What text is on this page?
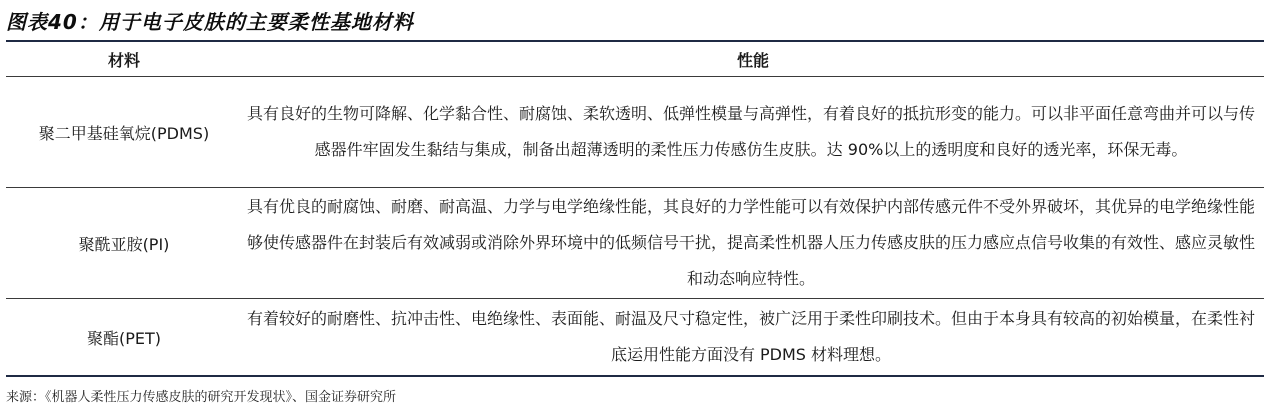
图表40：用于电子皮肤的主要柔性基地材料
材料	性能
聚二甲基硅氧烷(PDMS)
具有良好的生物可降解、化学黏合性、耐腐蚀、柔软透明、低弹性模量与高弹性，有着良好的抵抗形变的能力。可以非平面任意弯曲并可以与传感器件牢固发生黏结与集成，制备出超薄透明的柔性压力传感仿生皮肤。达 90%以上的透明度和良好的透光率，环保无毒。
聚酰亚胺(PI)
具有优良的耐腐蚀、耐磨、耐高温、力学与电学绝缘性能，其良好的力学性能可以有效保护内部传感元件不受外界破坏，其优异的电学绝缘性能够使传感器件在封装后有效减弱或消除外界环境中的低频信号干扰，提高柔性机器人压力传感皮肤的压力感应点信号收集的有效性、感应灵敏性和动态响应特性。
聚酯(PET)
有着较好的耐磨性、抗冲击性、电绝缘性、表面能、耐温及尺寸稳定性，被广泛用于柔性印刷技术。但由于本身具有较高的初始模量，在柔性衬底运用性能方面没有 PDMS 材料理想。
来源：《机器人柔性压力传感皮肤的研究开发现状》、国金证券研究所
